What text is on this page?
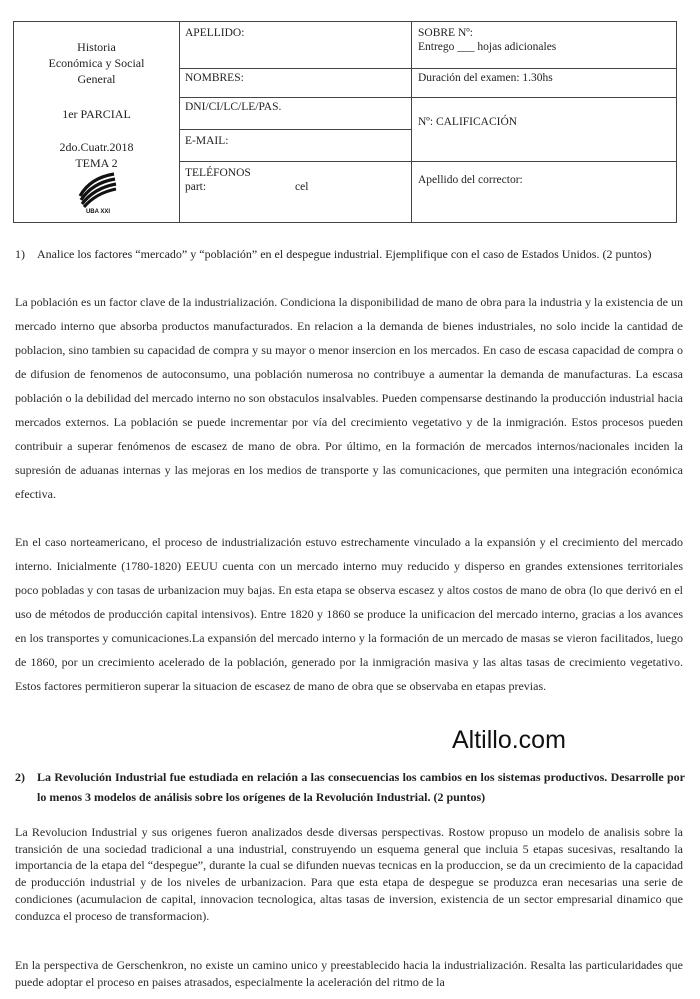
Historia
Económica y Social
General
1er PARCIAL
2do.Cuatr.2018
TEMA 2
UBA XXI
APELLIDO:
NOMBRES:
DNI/CI/LC/LE/PAS.
E-MAIL:
TELÉFONOS
part:	cel
SOBRE Nº:
Entrego ___ hojas adicionales
Duración del examen: 1.30hs
Nº: CALIFICACIÓN
Apellido del corrector:
1) Analice los factores “mercado” y “población” en el despegue industrial. Ejemplifique con el caso de Estados Unidos. (2 puntos)
La población es un factor clave de la industrialización. Condiciona la disponibilidad de mano de obra para la industria y la existencia de un mercado interno que absorba productos manufacturados. En relacion a la demanda de bienes industriales, no solo incide la cantidad de poblacion, sino tambien su capacidad de compra y su mayor o menor insercion en los mercados. En caso de escasa capacidad de compra o de difusion de fenomenos de autoconsumo, una población numerosa no contribuye a aumentar la demanda de manufacturas. La escasa población o la debilidad del mercado interno no son obstaculos insalvables. Pueden compensarse destinando la producción industrial hacia mercados externos. La población se puede incrementar por vía del crecimiento vegetativo y de la inmigración. Estos procesos pueden contribuir a superar fenómenos de escasez de mano de obra. Por último, en la formación de mercados internos/nacionales inciden la supresión de aduanas internas y las mejoras en los medios de transporte y las comunicaciones, que permiten una integración económica efectiva.
En el caso norteamericano, el proceso de industrialización estuvo estrechamente vinculado a la expansión y el crecimiento del mercado interno. Inicialmente (1780-1820) EEUU cuenta con un mercado interno muy reducido y disperso en grandes extensiones territoriales poco pobladas y con tasas de urbanizacion muy bajas. En esta etapa se observa escasez y altos costos de mano de obra (lo que derivó en el uso de métodos de producción capital intensivos). Entre 1820 y 1860 se produce la unificacion del mercado interno, gracias a los avances en los transportes y comunicaciones.La expansión del mercado interno y la formación de un mercado de masas se vieron facilitados, luego de 1860, por un crecimiento acelerado de la población, generado por la inmigración masiva y las altas tasas de crecimiento vegetativo. Estos factores permitieron superar la situacion de escasez de mano de obra que se observaba en etapas previas.
Altillo.com
2) La Revolución Industrial fue estudiada en relación a las consecuencias los cambios en los sistemas productivos. Desarrolle por lo menos 3 modelos de análisis sobre los orígenes de la Revolución Industrial. (2 puntos)
La Revolucion Industrial y sus origenes fueron analizados desde diversas perspectivas. Rostow propuso un modelo de analisis sobre la transición de una sociedad tradicional a una industrial, construyendo un esquema general que incluia 5 etapas sucesivas, resaltando la importancia de la etapa del “despegue”, durante la cual se difunden nuevas tecnicas en la produccion, se da un crecimiento de la capacidad de producción industrial y de los niveles de urbanizacion. Para que esta etapa de despegue se produzca eran necesarias una serie de condiciones (acumulacion de capital, innovacion tecnologica, altas tasas de inversion, existencia de un sector empresarial dinamico que conduzca el proceso de transformacion).
En la perspectiva de Gerschenkron, no existe un camino unico y preestablecido hacia la industrialización. Resalta las particularidades que puede adoptar el proceso en paises atrasados, especialmente la aceleración del ritmo de la
